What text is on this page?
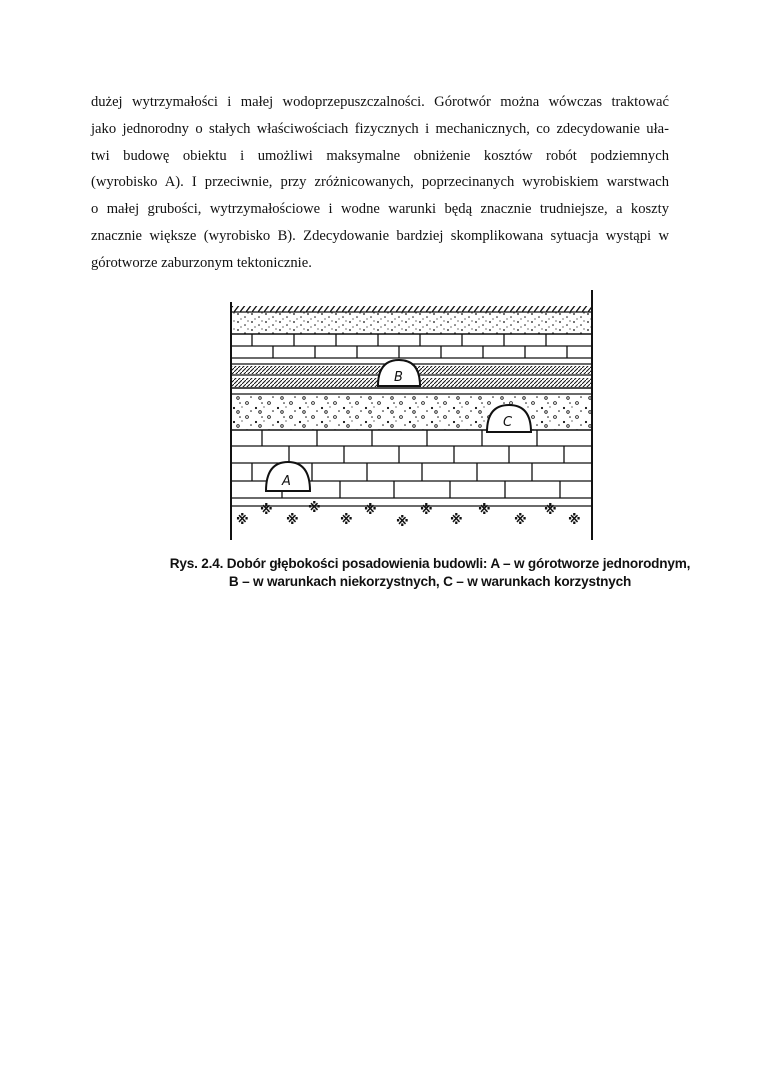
dużej wytrzymałości i małej wodoprzepuszczalności. Górotwór można wówczas traktować
jako jednorodny o stałych właściwościach fizycznych i mechanicznych, co zdecydowanie uła-
twi budowę obiektu i umożliwi maksymalne obniżenie kosztów robót podziemnych
(wyrobisko A). I przeciwnie, przy zróżnicowanych, poprzecinanych wyrobiskiem warstwach
o małej grubości, wytrzymałościowe i wodne warunki będą znacznie trudniejsze, a koszty
znacznie większe (wyrobisko B). Zdecydowanie bardziej skomplikowana sytuacja wystąpi w
górotworze zaburzonym tektonicznie.

※
※
※
※
※
※
※
※
※
※
※
※
※
B
C
A
Rys. 2.4. Dobór głębokości posadowienia budowli: A – w górotworze jednorodnym,
B – w warunkach niekorzystnych, C – w warunkach korzystnych
